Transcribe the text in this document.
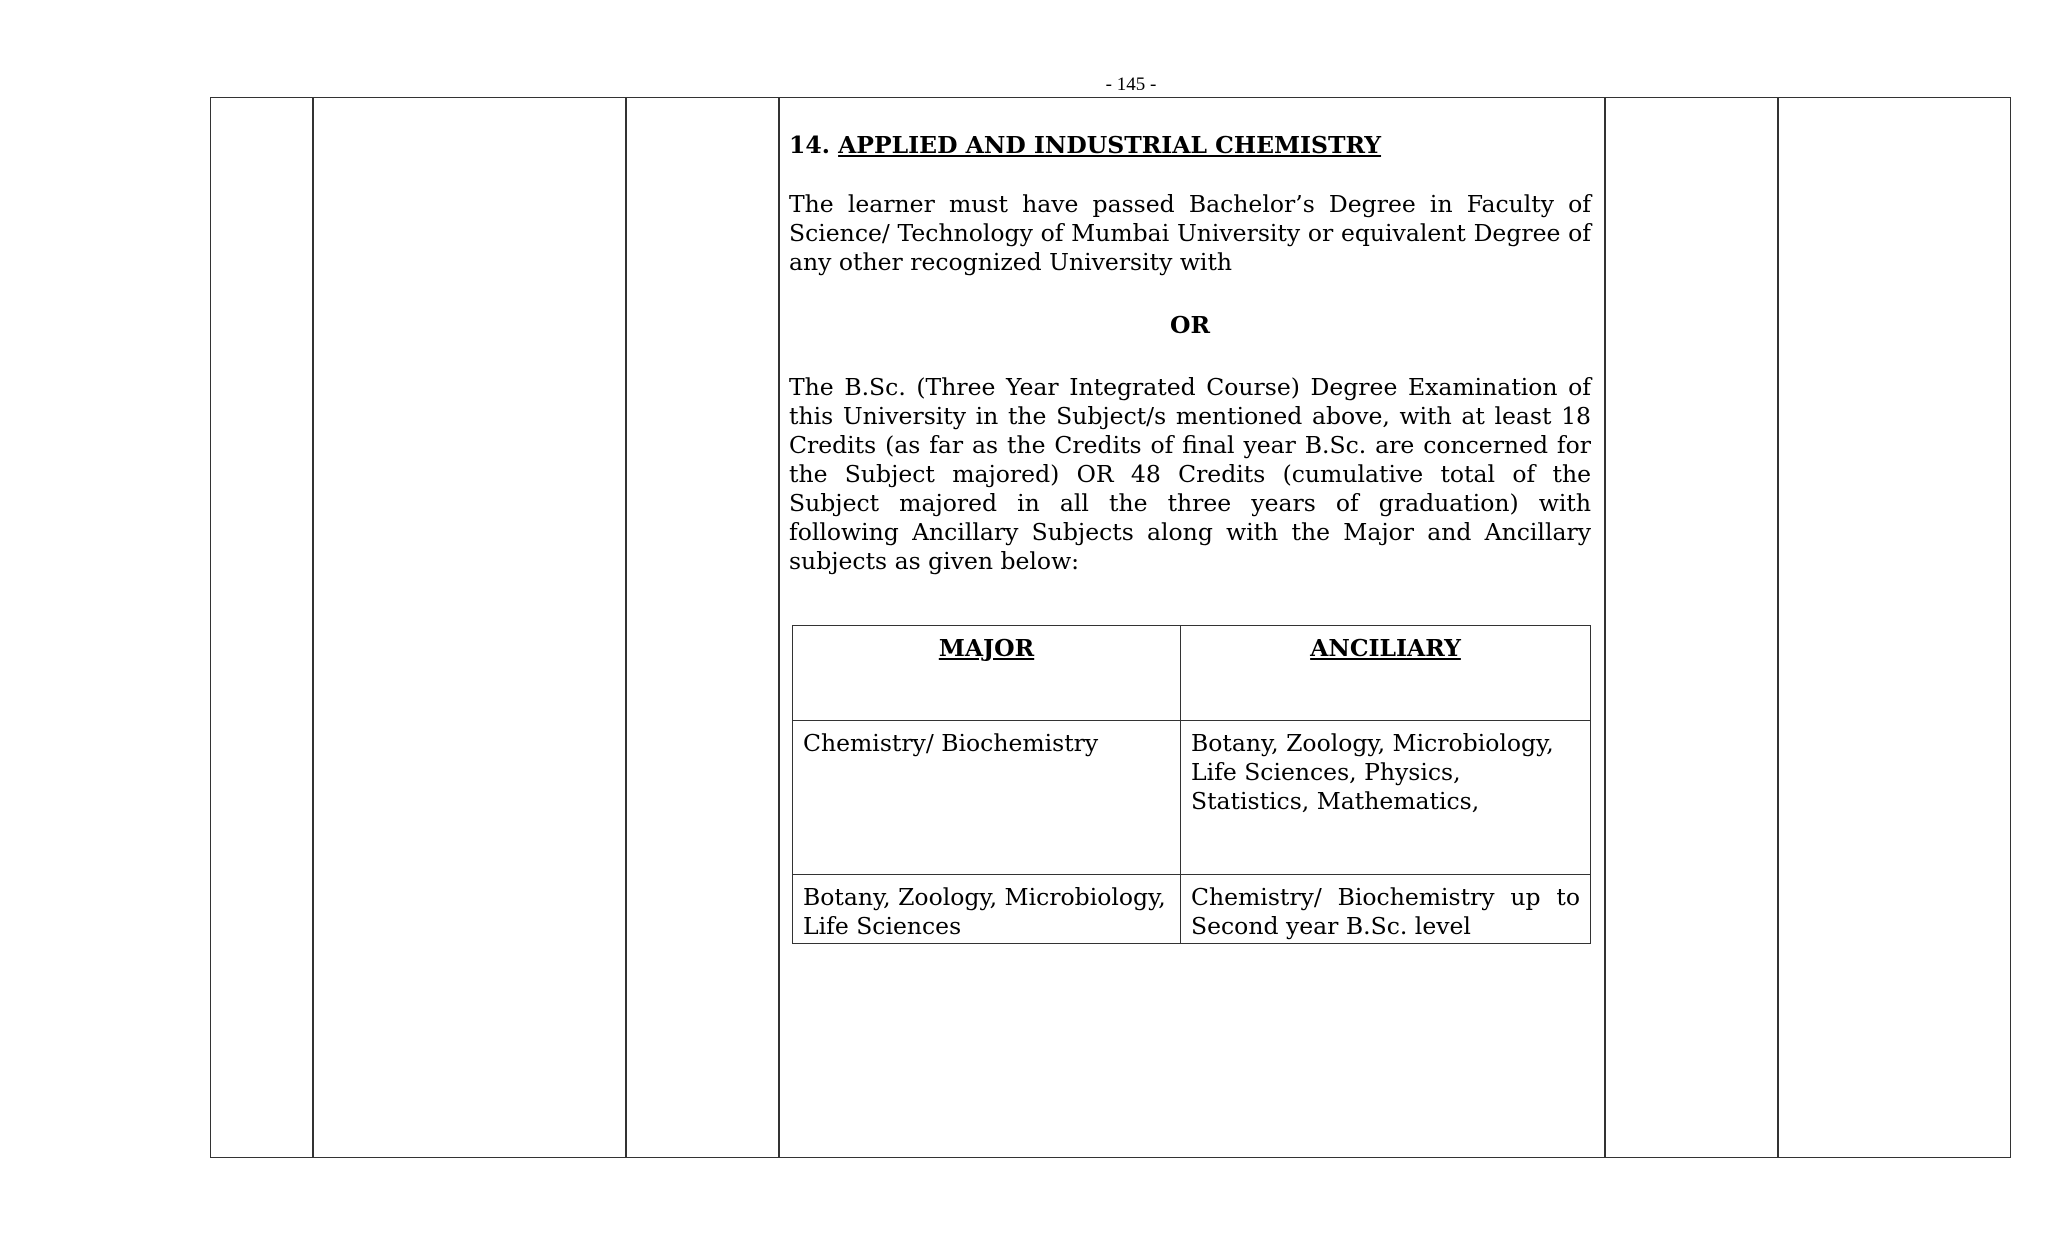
- 145 -

14. APPLIED AND INDUSTRIAL CHEMISTRY

The learner must have passed Bachelor’s Degree in Faculty of Science/ Technology of Mumbai University or equivalent Degree of any other recognized University with

OR

The B.Sc. (Three Year Integrated Course) Degree Examination of this University in the Subject/s mentioned above, with at least 18 Credits (as far as the Credits of final year B.Sc. are concerned for the Subject majored) OR 48 Credits (cumulative total of the Subject majored in all the three years of graduation) with following Ancillary Subjects along with the Major and Ancillary subjects as given below:

MAJOR	ANCILIARY
Chemistry/ Biochemistry	Botany, Zoology, Microbiology, Life Sciences, Physics, Statistics, Mathematics,
Botany, Zoology, Microbiology, Life Sciences	Chemistry/ Biochemistry up to Second year B.Sc. level
